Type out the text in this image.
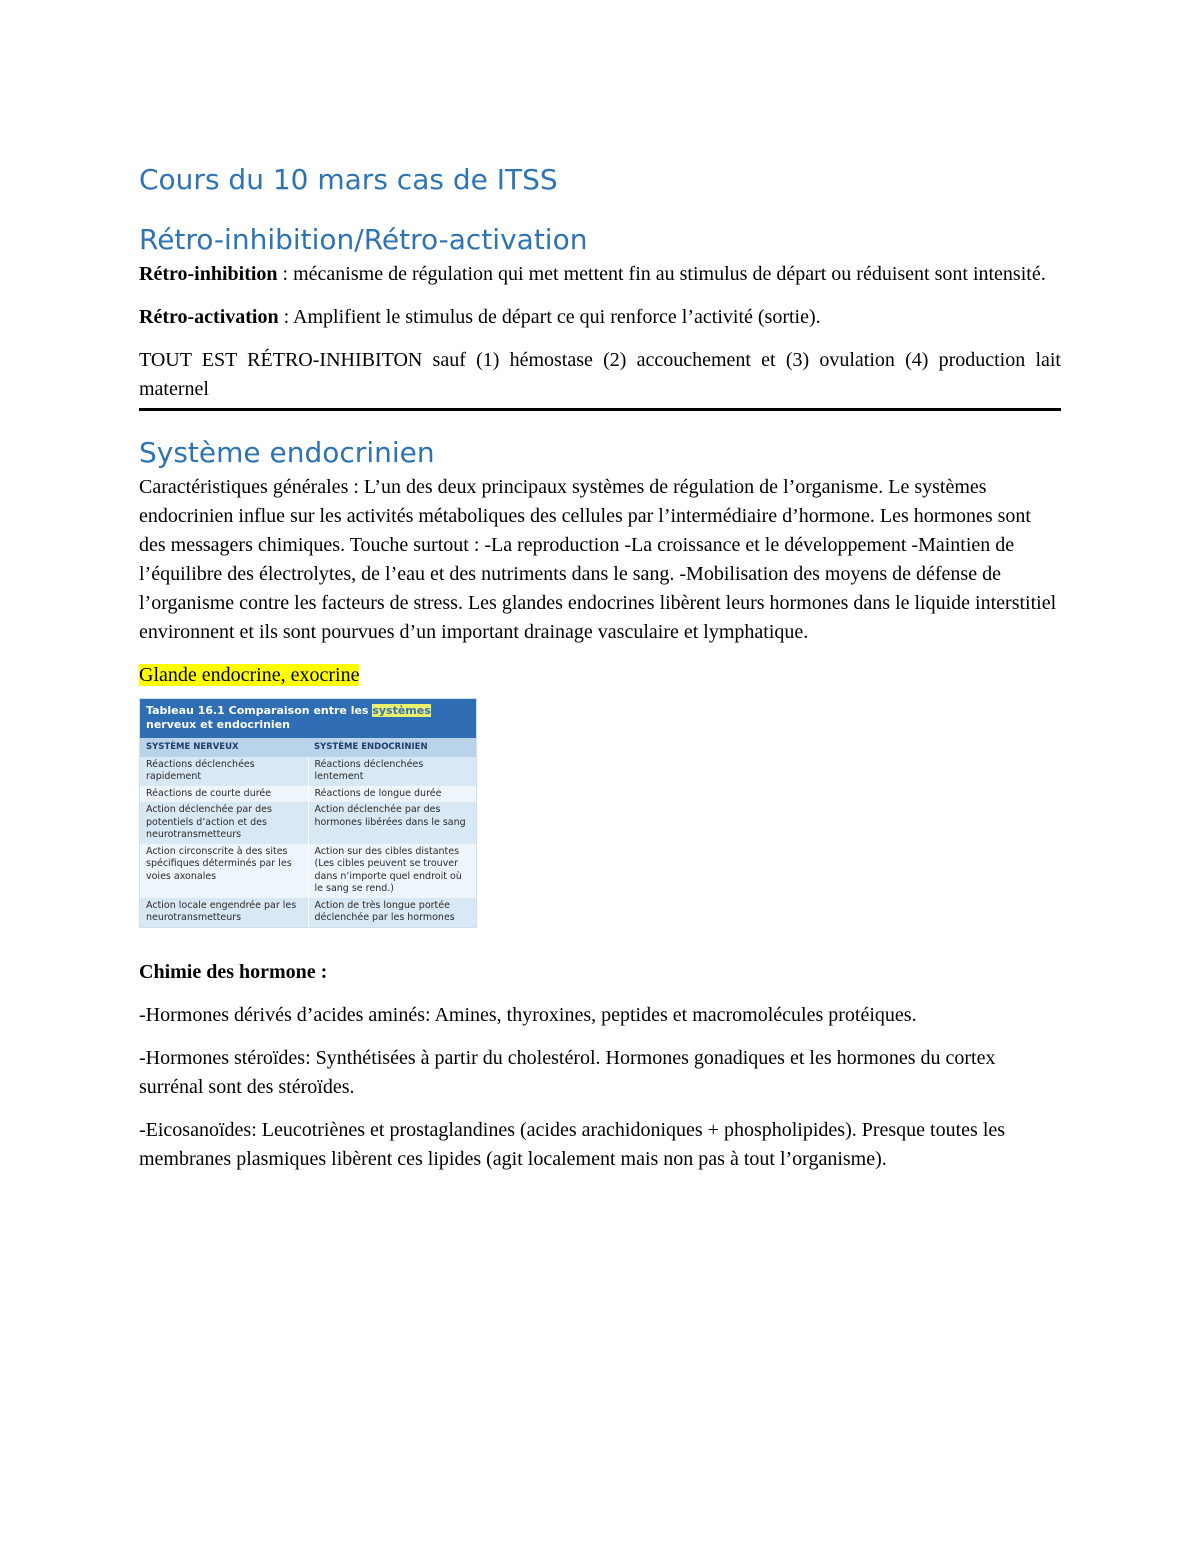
Cours du 10 mars cas de ITSS
Rétro-inhibition/Rétro-activation

Rétro-inhibition : mécanisme de régulation qui met mettent fin au stimulus de départ ou réduisent sont intensité.

Rétro-activation : Amplifient le stimulus de départ ce qui renforce l’activité (sortie).

TOUT EST RÉTRO-INHIBITON sauf (1) hémostase (2) accouchement et (3) ovulation (4) production lait maternel

Système endocrinien

Caractéristiques générales : L’un des deux principaux systèmes de régulation de l’organisme. Le systèmes endocrinien influe sur les activités métaboliques des cellules par l’intermédiaire d’hormone. Les hormones sont des messagers chimiques. Touche surtout : -La reproduction -La croissance et le développement -Maintien de l’équilibre des électrolytes, de l’eau et des nutriments dans le sang. -Mobilisation des moyens de défense de l’organisme contre les facteurs de stress. Les glandes endocrines libèrent leurs hormones dans le liquide interstitiel environnent et ils sont pourvues d’un important drainage vasculaire et lymphatique.

Glande endocrine, exocrine

Tableau 16.1 Comparaison entre les systèmes nerveux et endocrinien
SYSTÈME NERVEUX	SYSTÈME ENDOCRINIEN
Réactions déclenchées rapidement
Réactions déclenchées lentement
Réactions de courte durée	Réactions de longue durée
Action déclenchée par des potentiels d’action et des neurotransmetteurs
Action déclenchée par des hormones libérées dans le sang
Action circonscrite à des sites spécifiques déterminés par les voies axonales
Action sur des cibles distantes (Les cibles peuvent se trouver dans n’importe quel endroit où le sang se rend.)
Action locale engendrée par les neurotransmetteurs
Action de très longue portée déclenchée par les hormones

Chimie des hormone :

-Hormones dérivés d’acides aminés: Amines, thyroxines, peptides et macromolécules protéiques.

-Hormones stéroïdes: Synthétisées à partir du cholestérol. Hormones gonadiques et les hormones du cortex surrénal sont des stéroïdes.

-Eicosanoïdes: Leucotriènes et prostaglandines (acides arachidoniques + phospholipides). Presque toutes les membranes plasmiques libèrent ces lipides (agit localement mais non pas à tout l’organisme).
